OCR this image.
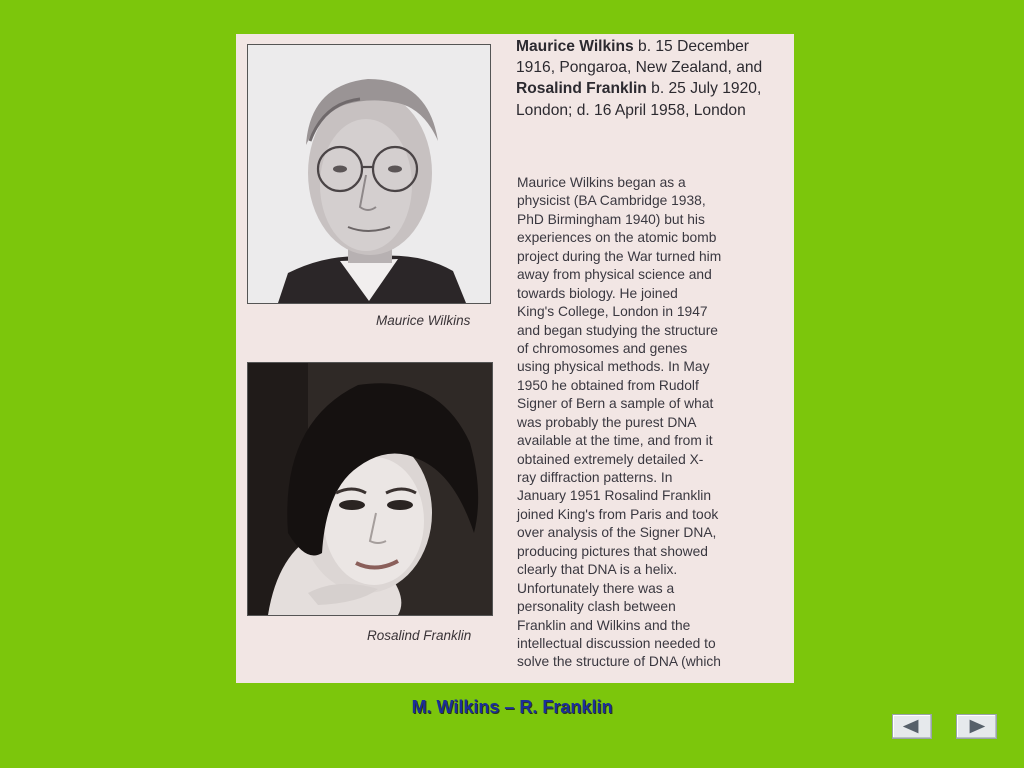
Maurice Wilkins
Rosalind Franklin
Maurice Wilkins b. 15 December 1916, Pongaroa, New Zealand, and Rosalind Franklin b. 25 July 1920, London; d. 16 April 1958, London
Maurice Wilkins began as a
physicist (BA Cambridge 1938,
PhD Birmingham 1940) but his
experiences on the atomic bomb
project during the War turned him
away from physical science and
towards biology. He joined
King's College, London in 1947
and began studying the structure
of chromosomes and genes
using physical methods. In May
1950 he obtained from Rudolf
Signer of Bern a sample of what
was probably the purest DNA
available at the time, and from it
obtained extremely detailed X-
ray diffraction patterns. In
January 1951 Rosalind Franklin
joined King's from Paris and took
over analysis of the Signer DNA,
producing pictures that showed
clearly that DNA is a helix.
Unfortunately there was a
personality clash between
Franklin and Wilkins and the
intellectual discussion needed to
solve the structure of DNA (which
M. Wilkins – R. Franklin
